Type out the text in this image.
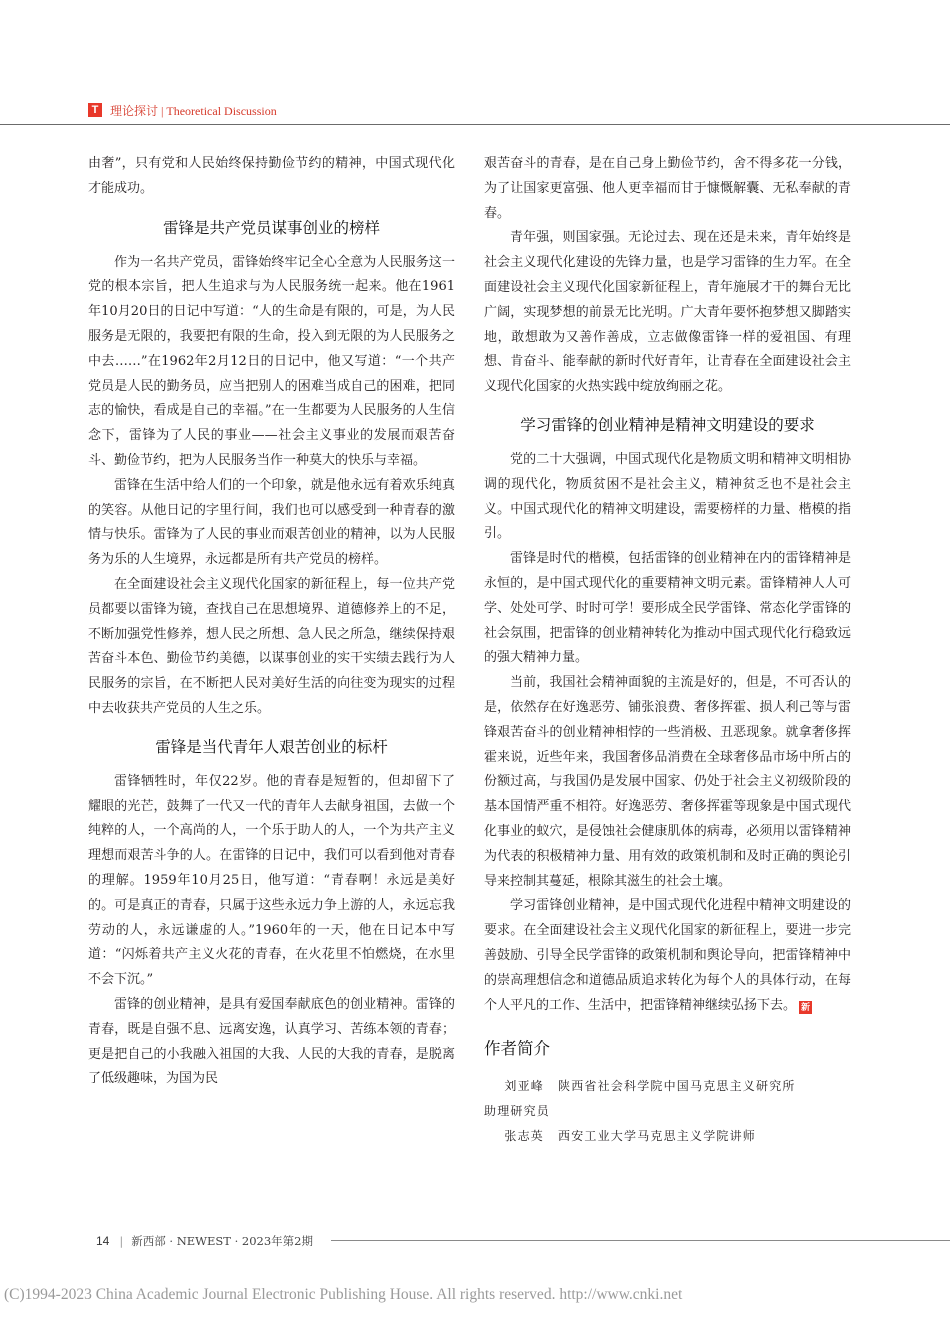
T 理论探讨 | Theoretical Discussion

由奢”，只有党和人民始终保持勤俭节约的精神，中国式现代化才能成功。

雷锋是共产党员谋事创业的榜样

作为一名共产党员，雷锋始终牢记全心全意为人民服务这一党的根本宗旨，把人生追求与为人民服务统一起来。他在1961年10月20日的日记中写道：“人的生命是有限的，可是，为人民服务是无限的，我要把有限的生命，投入到无限的为人民服务之中去……”在1962年2月12日的日记中，他又写道：“一个共产党员是人民的勤务员，应当把别人的困难当成自己的困难，把同志的愉快，看成是自己的幸福。”在一生都要为人民服务的人生信念下，雷锋为了人民的事业——社会主义事业的发展而艰苦奋斗、勤俭节约，把为人民服务当作一种莫大的快乐与幸福。

雷锋在生活中给人们的一个印象，就是他永远有着欢乐纯真的笑容。从他日记的字里行间，我们也可以感受到一种青春的激情与快乐。雷锋为了人民的事业而艰苦创业的精神，以为人民服务为乐的人生境界，永远都是所有共产党员的榜样。

在全面建设社会主义现代化国家的新征程上，每一位共产党员都要以雷锋为镜，查找自己在思想境界、道德修养上的不足，不断加强党性修养，想人民之所想、急人民之所急，继续保持艰苦奋斗本色、勤俭节约美德，以谋事创业的实干实绩去践行为人民服务的宗旨，在不断把人民对美好生活的向往变为现实的过程中去收获共产党员的人生之乐。

雷锋是当代青年人艰苦创业的标杆

雷锋牺牲时，年仅22岁。他的青春是短暂的，但却留下了耀眼的光芒，鼓舞了一代又一代的青年人去献身祖国，去做一个纯粹的人，一个高尚的人，一个乐于助人的人，一个为共产主义理想而艰苦斗争的人。在雷锋的日记中，我们可以看到他对青春的理解。1959年10月25日，他写道：“青春啊！永远是美好的。可是真正的青春，只属于这些永远力争上游的人，永远忘我劳动的人，永远谦虚的人。”1960年的一天，他在日记本中写道：“闪烁着共产主义火花的青春，在火花里不怕燃烧，在水里不会下沉。”

雷锋的创业精神，是具有爱国奉献底色的创业精神。雷锋的青春，既是自强不息、远离安逸，认真学习、苦练本领的青春；更是把自己的小我融入祖国的大我、人民的大我的青春，是脱离了低级趣味，为国为民

艰苦奋斗的青春，是在自己身上勤俭节约，舍不得多花一分钱，为了让国家更富强、他人更幸福而甘于慷慨解囊、无私奉献的青春。

青年强，则国家强。无论过去、现在还是未来，青年始终是社会主义现代化建设的先锋力量，也是学习雷锋的生力军。在全面建设社会主义现代化国家新征程上，青年施展才干的舞台无比广阔，实现梦想的前景无比光明。广大青年要怀抱梦想又脚踏实地，敢想敢为又善作善成，立志做像雷锋一样的爱祖国、有理想、肯奋斗、能奉献的新时代好青年，让青春在全面建设社会主义现代化国家的火热实践中绽放绚丽之花。

学习雷锋的创业精神是精神文明建设的要求

党的二十大强调，中国式现代化是物质文明和精神文明相协调的现代化，物质贫困不是社会主义，精神贫乏也不是社会主义。中国式现代化的精神文明建设，需要榜样的力量、楷模的指引。

雷锋是时代的楷模，包括雷锋的创业精神在内的雷锋精神是永恒的，是中国式现代化的重要精神文明元素。雷锋精神人人可学、处处可学、时时可学！要形成全民学雷锋、常态化学雷锋的社会氛围，把雷锋的创业精神转化为推动中国式现代化行稳致远的强大精神力量。

当前，我国社会精神面貌的主流是好的，但是，不可否认的是，依然存在好逸恶劳、铺张浪费、奢侈挥霍、损人利己等与雷锋艰苦奋斗的创业精神相悖的一些消极、丑恶现象。就拿奢侈挥霍来说，近些年来，我国奢侈品消费在全球奢侈品市场中所占的份额过高，与我国仍是发展中国家、仍处于社会主义初级阶段的基本国情严重不相符。好逸恶劳、奢侈挥霍等现象是中国式现代化事业的蚁穴，是侵蚀社会健康肌体的病毒，必须用以雷锋精神为代表的积极精神力量、用有效的政策机制和及时正确的舆论引导来控制其蔓延，根除其滋生的社会土壤。

学习雷锋创业精神，是中国式现代化进程中精神文明建设的要求。在全面建设社会主义现代化国家的新征程上，要进一步完善鼓励、引导全民学雷锋的政策机制和舆论导向，把雷锋精神中的崇高理想信念和道德品质追求转化为每个人的具体行动，在每个人平凡的工作、生活中，把雷锋精神继续弘扬下去。 新

作者简介
刘亚峰 陕西省社会科学院中国马克思主义研究所
助理研究员
张志英 西安工业大学马克思主义学院讲师
14 | 新西部 · NEWEST · 2023年第2期
(C)1994-2023 China Academic Journal Electronic Publishing House. All rights reserved. http://www.cnki.net
